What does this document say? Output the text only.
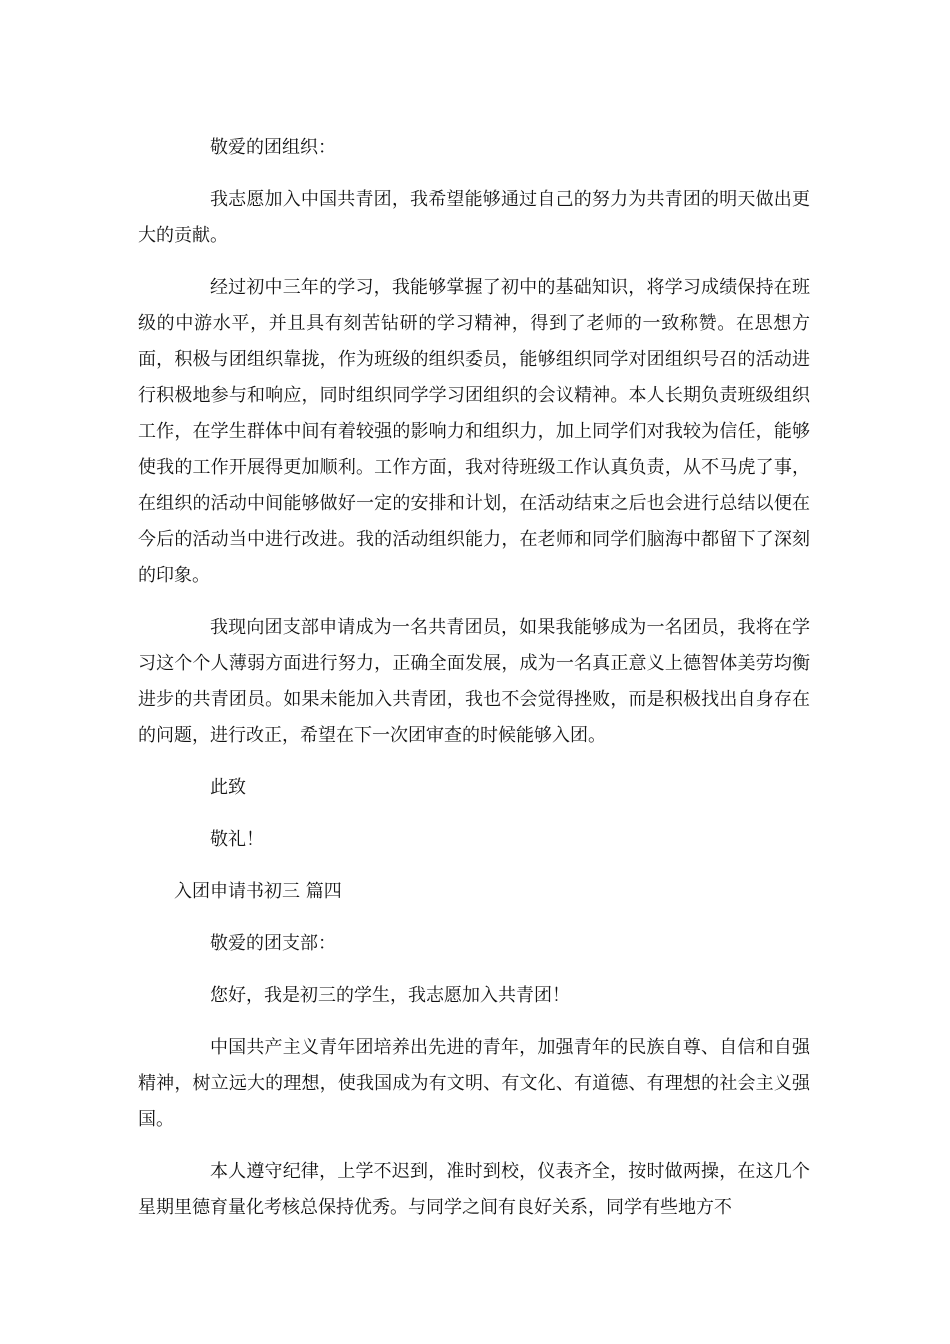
敬爱的团组织：

我志愿加入中国共青团，我希望能够通过自己的努力为共青团的明天做出更大的贡献。

经过初中三年的学习，我能够掌握了初中的基础知识，将学习成绩保持在班级的中游水平，并且具有刻苦钻研的学习精神，得到了老师的一致称赞。在思想方面，积极与团组织靠拢，作为班级的组织委员，能够组织同学对团组织号召的活动进行积极地参与和响应，同时组织同学学习团组织的会议精神。本人长期负责班级组织工作，在学生群体中间有着较强的影响力和组织力，加上同学们对我较为信任，能够使我的工作开展得更加顺利。工作方面，我对待班级工作认真负责，从不马虎了事，在组织的活动中间能够做好一定的安排和计划，在活动结束之后也会进行总结以便在今后的活动当中进行改进。我的活动组织能力，在老师和同学们脑海中都留下了深刻的印象。

我现向团支部申请成为一名共青团员，如果我能够成为一名团员，我将在学习这个个人薄弱方面进行努力，正确全面发展，成为一名真正意义上德智体美劳均衡进步的共青团员。如果未能加入共青团，我也不会觉得挫败，而是积极找出自身存在的问题，进行改正，希望在下一次团审查的时候能够入团。

此致

敬礼！

入团申请书初三 篇四

敬爱的团支部：

您好，我是初三的学生，我志愿加入共青团！

中国共产主义青年团培养出先进的青年，加强青年的民族自尊、自信和自强精神，树立远大的理想，使我国成为有文明、有文化、有道德、有理想的社会主义强国。

本人遵守纪律，上学不迟到，准时到校，仪表齐全，按时做两操，在这几个星期里德育量化考核总保持优秀。与同学之间有良好关系，同学有些地方不
